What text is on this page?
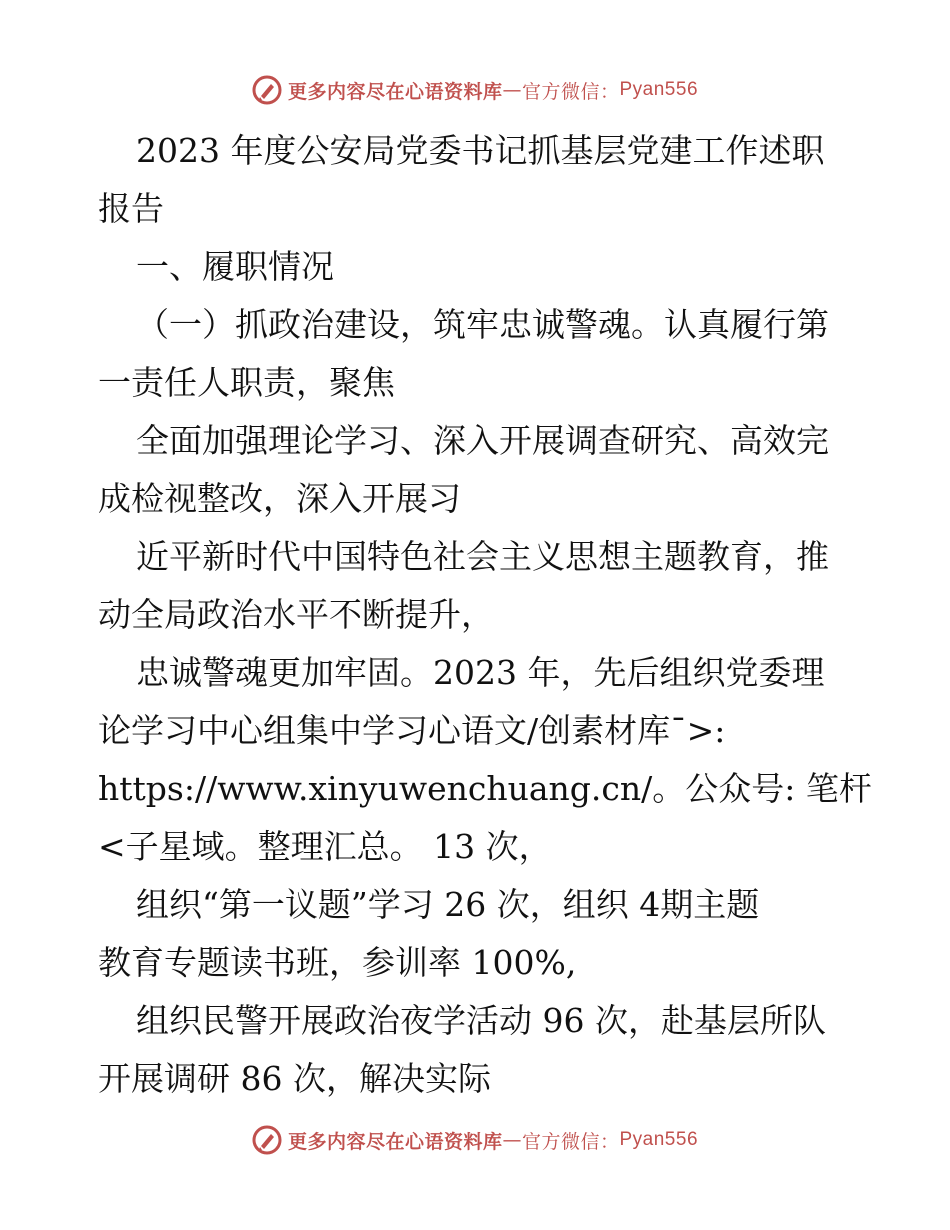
更多内容尽在心语资料库 — 官方微信： Pyan556
2023 年度公安局党委书记抓基层党建工作述职
报告
一、履职情况
（一）抓政治建设，筑牢忠诚警魂。认真履行第
一责任人职责，聚焦
全面加强理论学习、深入开展调查研究、高效完
成检视整改，深入开展习
近平新时代中国特色社会主义思想主题教育，推
动全局政治水平不断提升，
忠诚警魂更加牢固。2023 年，先后组织党委理
论学习中心组集中学习心语文/创素材库¯>:
https://www.xinyuwenchuang.cn/。公众号: 笔杆
<子星域。整理汇总。 13 次，
组织“第一议题”学习 26 次，组织 4期主题
教育专题读书班，参训率 100%,
组织民警开展政治夜学活动 96 次，赴基层所队
开展调研 86 次，解决实际
更多内容尽在心语资料库 — 官方微信： Pyan556
